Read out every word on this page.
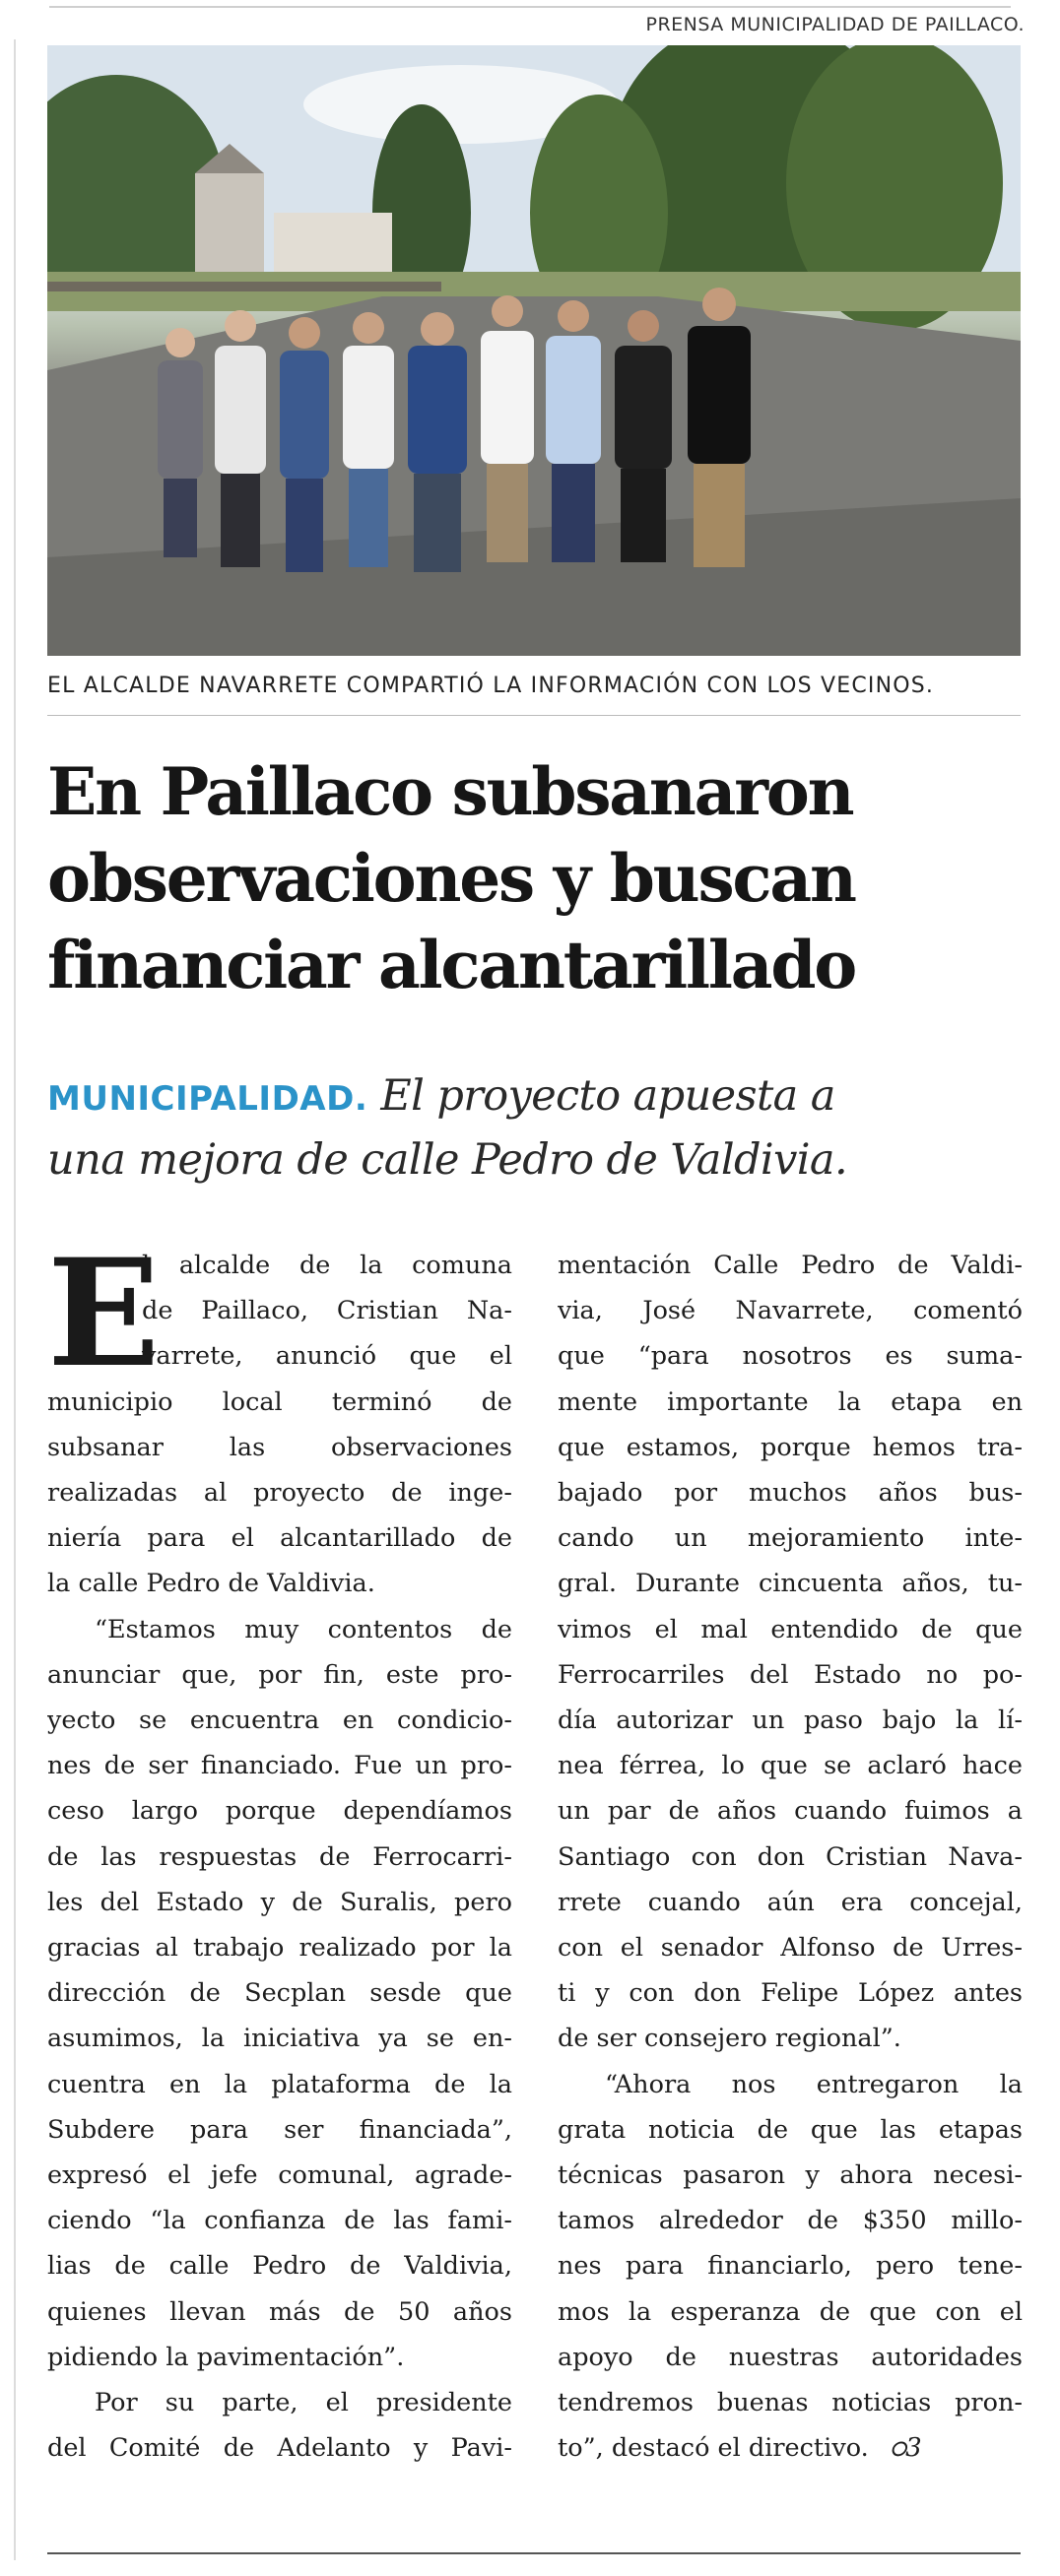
PRENSA MUNICIPALIDAD DE PAILLACO.
EL ALCALDE NAVARRETE COMPARTIÓ LA INFORMACIÓN CON LOS VECINOS.
En Paillaco subsanaron
observaciones y buscan
financiar alcantarillado
MUNICIPALIDAD. El proyecto apuesta a
una mejora de calle Pedro de Valdivia.
E
l alcalde de la comuna
de Paillaco, Cristian Na-
varrete, anunció que el
municipio local terminó de
subsanar las observaciones
realizadas al proyecto de inge-
niería para el alcantarillado de
la calle Pedro de Valdivia.
“Estamos muy contentos de
anunciar que, por fin, este pro-
yecto se encuentra en condicio-
nes de ser financiado. Fue un pro-
ceso largo porque dependíamos
de las respuestas de Ferrocarri-
les del Estado y de Suralis, pero
gracias al trabajo realizado por la
dirección de Secplan sesde que
asumimos, la iniciativa ya se en-
cuentra en la plataforma de la
Subdere para ser financiada”,
expresó el jefe comunal, agrade-
ciendo “la confianza de las fami-
lias de calle Pedro de Valdivia,
quienes llevan más de 50 años
pidiendo la pavimentación”.
Por su parte, el presidente
del Comité de Adelanto y Pavi-
mentación Calle Pedro de Valdi-
via, José Navarrete, comentó
que “para nosotros es suma-
mente importante la etapa en
que estamos, porque hemos tra-
bajado por muchos años bus-
cando un mejoramiento inte-
gral. Durante cincuenta años, tu-
vimos el mal entendido de que
Ferrocarriles del Estado no po-
día autorizar un paso bajo la lí-
nea férrea, lo que se aclaró hace
un par de años cuando fuimos a
Santiago con don Cristian Nava-
rrete cuando aún era concejal,
con el senador Alfonso de Urres-
ti y con don Felipe López antes
de ser consejero regional”.
“Ahora nos entregaron la
grata noticia de que las etapas
técnicas pasaron y ahora necesi-
tamos alrededor de $350 millo-
nes para financiarlo, pero tene-
mos la esperanza de que con el
apoyo de nuestras autoridades
tendremos buenas noticias pron-
to”, destacó el directivo. ഠ3
